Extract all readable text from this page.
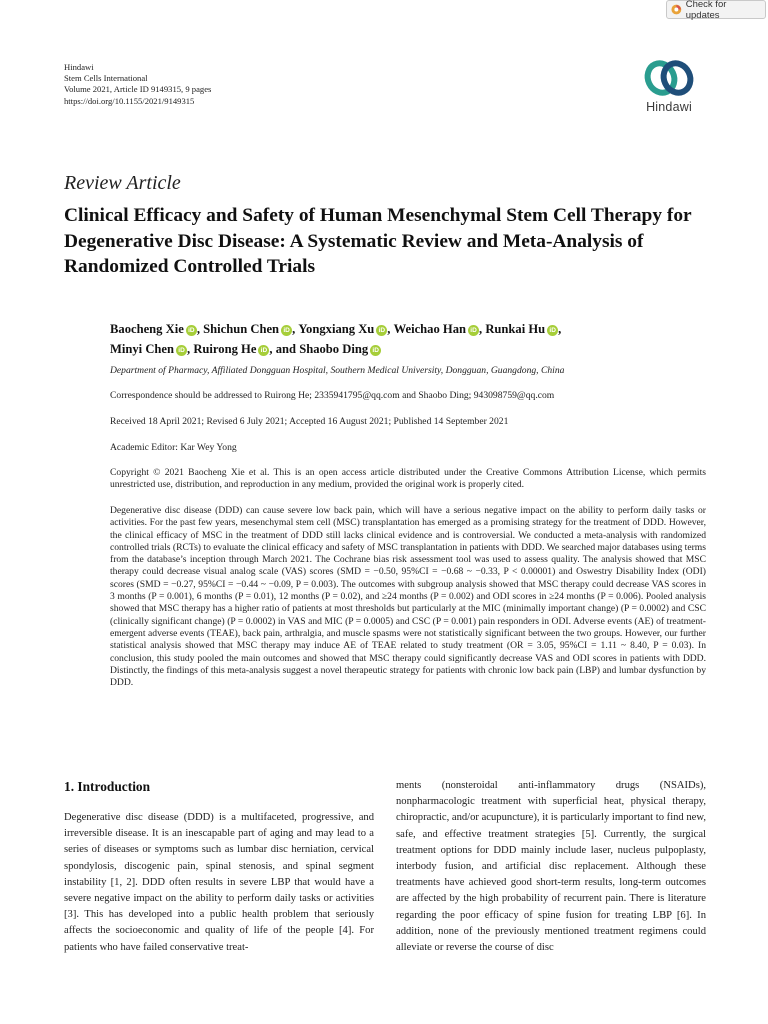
Check for updates
Hindawi
Stem Cells International
Volume 2021, Article ID 9149315, 9 pages
https://doi.org/10.1155/2021/9149315	Hindawi
Review Article
Clinical Efficacy and Safety of Human Mesenchymal Stem Cell Therapy for Degenerative Disc Disease: A Systematic Review and Meta-Analysis of Randomized Controlled Trials
Baocheng Xie iD , Shichun Chen iD , Yongxiang Xu iD , Weichao Han iD , Runkai Hu iD ,
Minyi Chen iD , Ruirong He iD , and Shaobo Ding iD
Department of Pharmacy, Affiliated Dongguan Hospital, Southern Medical University, Dongguan, Guangdong, China
Correspondence should be addressed to Ruirong He; 2335941795@qq.com and Shaobo Ding; 943098759@qq.com
Received 18 April 2021; Revised 6 July 2021; Accepted 16 August 2021; Published 14 September 2021
Academic Editor: Kar Wey Yong
Copyright © 2021 Baocheng Xie et al. This is an open access article distributed under the Creative Commons Attribution License, which permits unrestricted use, distribution, and reproduction in any medium, provided the original work is properly cited.
Degenerative disc disease (DDD) can cause severe low back pain, which will have a serious negative impact on the ability to perform daily tasks or activities. For the past few years, mesenchymal stem cell (MSC) transplantation has emerged as a promising strategy for the treatment of DDD. However, the clinical efficacy of MSC in the treatment of DDD still lacks clinical evidence and is controversial. We conducted a meta-analysis with randomized controlled trials (RCTs) to evaluate the clinical efficacy and safety of MSC transplantation in patients with DDD. We searched major databases using terms from the database’s inception through March 2021. The Cochrane bias risk assessment tool was used to assess quality. The analysis showed that MSC therapy could decrease visual analog scale (VAS) scores (SMD = −0.50, 95%CI = −0.68 ~ −0.33, P < 0.00001) and Oswestry Disability Index (ODI) scores (SMD = −0.27, 95%CI = −0.44 ~ −0.09, P = 0.003). The outcomes with subgroup analysis showed that MSC therapy could decrease VAS scores in 3 months (P = 0.001), 6 months (P = 0.01), 12 months (P = 0.02), and ≥24 months (P = 0.002) and ODI scores in ≥24 months (P = 0.006). Pooled analysis showed that MSC therapy has a higher ratio of patients at most thresholds but particularly at the MIC (minimally important change) (P = 0.0002) and CSC (clinically significant change) (P = 0.0002) in VAS and MIC (P = 0.0005) and CSC (P = 0.001) pain responders in ODI. Adverse events (AE) of treatment-emergent adverse events (TEAE), back pain, arthralgia, and muscle spasms were not statistically significant between the two groups. However, our further statistical analysis showed that MSC therapy may induce AE of TEAE related to study treatment (OR = 3.05, 95%CI = 1.11 ~ 8.40, P = 0.03). In conclusion, this study pooled the main outcomes and showed that MSC therapy could significantly decrease VAS and ODI scores in patients with DDD. Distinctly, the findings of this meta-analysis suggest a novel therapeutic strategy for patients with chronic low back pain (LBP) and lumbar dysfunction by DDD.
1. Introduction
Degenerative disc disease (DDD) is a multifaceted, progressive, and irreversible disease. It is an inescapable part of aging and may lead to a series of diseases or symptoms such as lumbar disc herniation, cervical spondylosis, discogenic pain, spinal stenosis, and spinal segment instability [1, 2]. DDD often results in severe LBP that would have a severe negative impact on the ability to perform daily tasks or activities [3]. This has developed into a public health problem that seriously affects the socioeconomic and quality of life of the people [4]. For patients who have failed conservative treat-
ments (nonsteroidal anti-inflammatory drugs (NSAIDs), nonpharmacologic treatment with superficial heat, physical therapy, chiropractic, and/or acupuncture), it is particularly important to find new, safe, and effective treatment strategies [5]. Currently, the surgical treatment options for DDD mainly include laser, nucleus pulpoplasty, interbody fusion, and artificial disc replacement. Although these treatments have achieved good short-term results, long-term outcomes are affected by the high probability of recurrent pain. There is literature regarding the poor efficacy of spine fusion for treating LBP [6]. In addition, none of the previously mentioned treatment regimens could alleviate or reverse the course of disc
